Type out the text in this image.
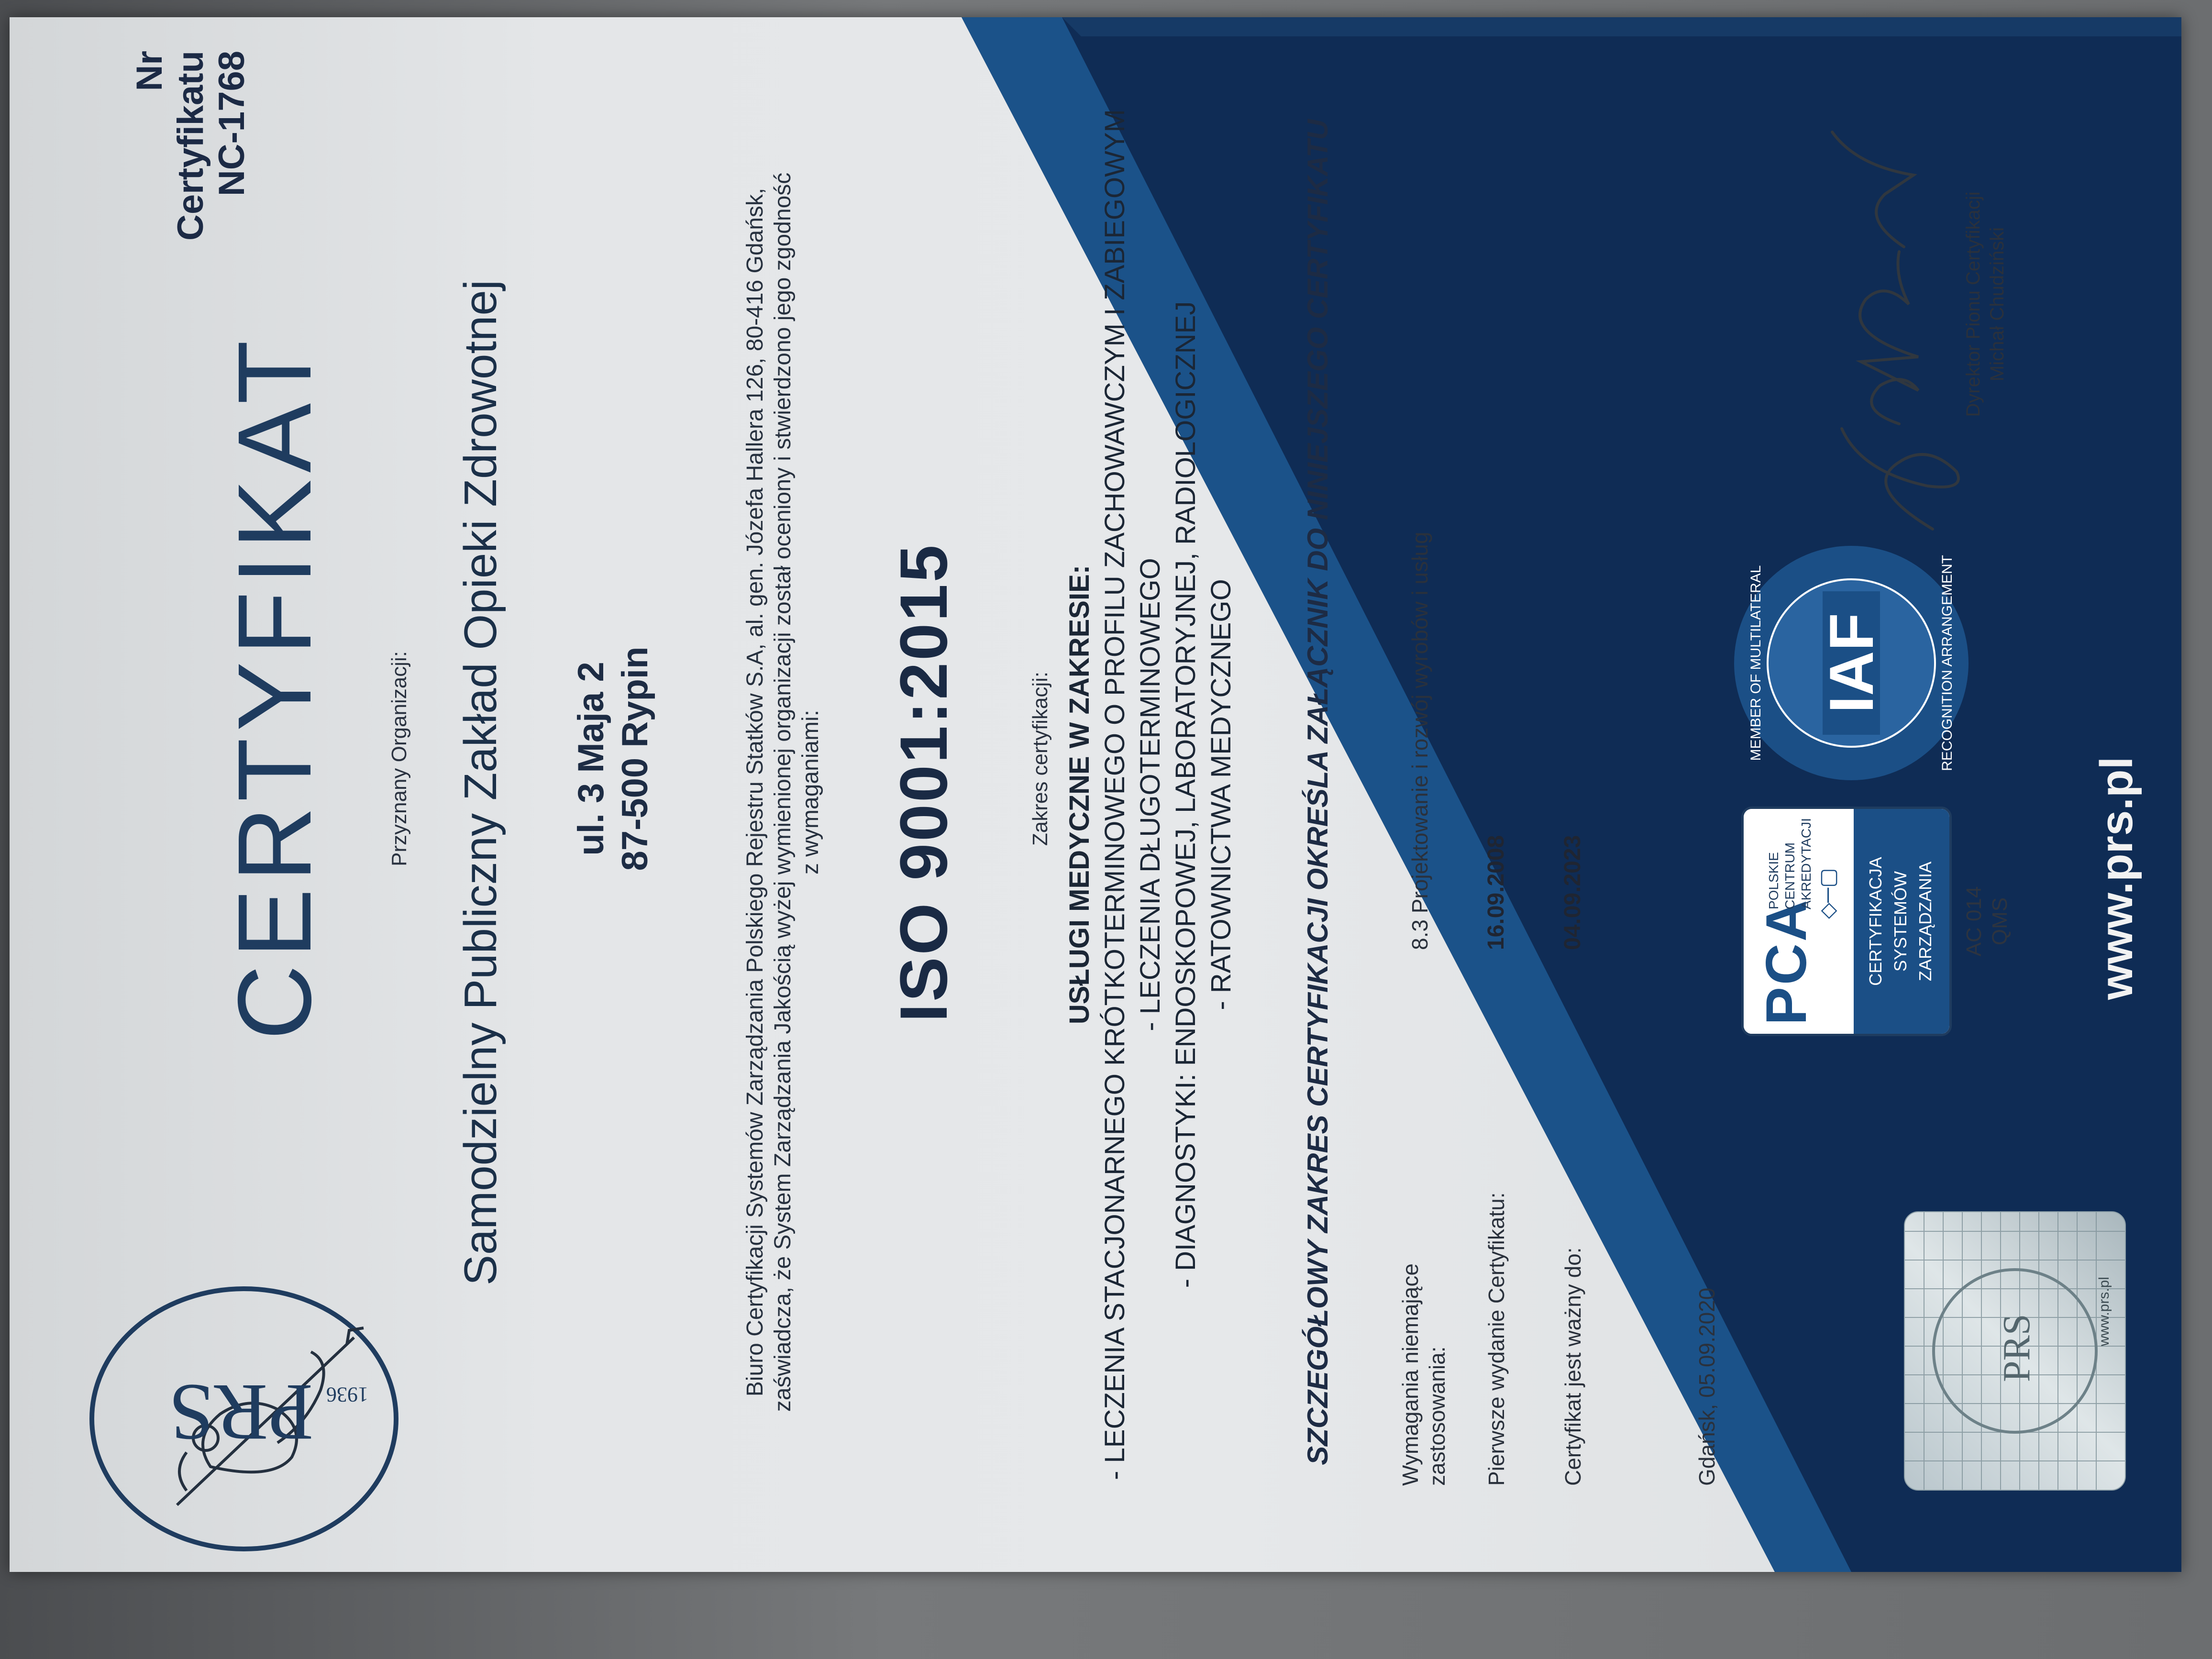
Nr Certyfikatu NC-1768
PRS 1936
CERTYFIKAT	Przyznany Organizacji: Samodzielny Publiczny Zakład Opieki Zdrowotnej ul. 3 Maja 2 87-500 Rypin	Biuro Certyfikacji Systemów Zarządzania Polskiego Rejestru Statków S.A, al. gen. Józefa Hallera 126, 80-416 Gdańsk, zaświadcza, że System Zarządzania Jakością wyżej wymienionej organizacji został oceniony i stwierdzono jego zgodność z wymaganiami: ISO 9001:2015	Zakres certyfikacji: USŁUGI MEDYCZNE W ZAKRESIE: - LECZENIA STACJONARNEGO KRÓTKOTERMINOWEGO O PROFILU ZACHOWAWCZYM I ZABIEGOWYM - LECZENIA DŁUGOTERMINOWEGO - DIAGNOSTYKI: ENDOSKOPOWEJ, LABORATORYJNEJ, RADIOLOGICZNEJ - RATOWNICTWA MEDYCZNEGO SZCZEGÓŁOWY ZAKRES CERTYFIKACJI OKREŚLA ZAŁĄCZNIK DO NINIEJSZEGO CERTYFIKATU	Wymagania niemające zastosowania:
8.3 Projektowanie i rozwój wyrobów i usług
Pierwsze wydanie Certyfikatu:
16.09.2008
Certyfikat jest ważny do:
04.09.2023
Gdańsk, 05.09.2020	PRS
www.prs.pl
PCA
POLSKIE CENTRUM AKREDYTACJI ◇─▢ CERTYFIKACJA SYSTEMÓW ZARZĄDZANIA AC 014 QMS
IAF
MEMBER OF MULTILATERAL	RECOGNITION ARRANGEMENT
Dyrektor Pionu Certyfikacji Michał Chudziński
www.prs.pl
